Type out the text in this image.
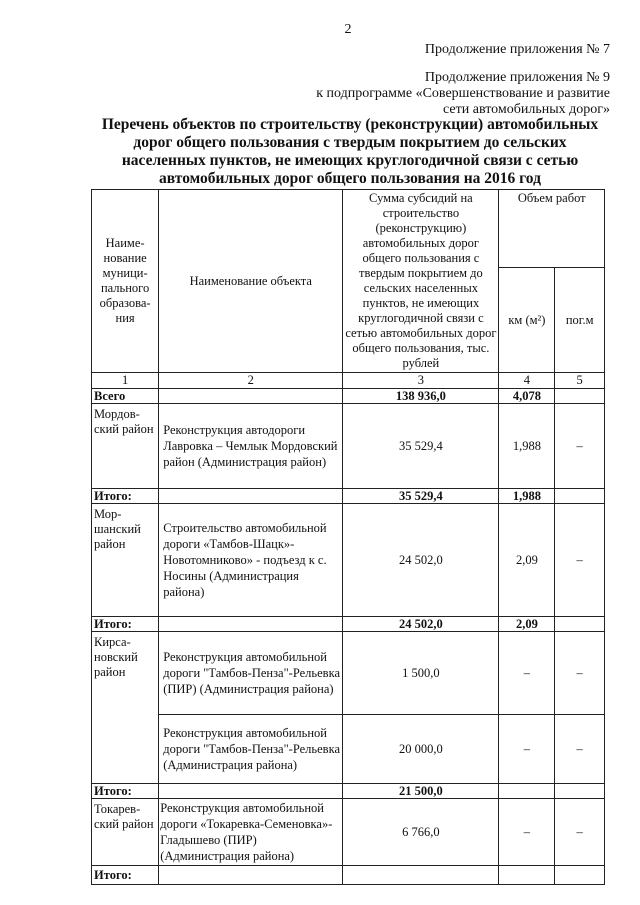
2
Продолжение приложения № 7
Продолжение приложения № 9
к подпрограмме «Совершенствование и развитие
сети автомобильных дорог»
Перечень объектов по строительству (реконструкции) автомобильных дорог общего пользования с твердым покрытием до сельских населенных пунктов, не имеющих круглогодичной связи с сетью автомобильных дорог общего пользования на 2016 год
Наиме-нование муници-пального образова-ния	Наименование объекта	Сумма субсидий на строительство (реконструкцию) автомобильных дорог общего пользования с твердым покрытием до сельских населенных пунктов, не имеющих круглогодичной связи с сетью автомобильных дорог общего пользования, тыс. рублей	Объем работ	
			км (м²)	пог.м
1	2	3	4	5
Всего		138 936,0	4,078	
Мордов-ский район	Реконструкция автодороги Лавровка – Чемлык Мордовский район (Администрация район)	35 529,4	1,988	–
Итого:		35 529,4	1,988	
Мор-шанский район	Строительство автомобильной дороги «Тамбов-Шацк»-Новотомниково» - подъезд к с. Носины (Администрация района)	24 502,0	2,09	–
Итого:		24 502,0	2,09	
Кирса-новский район	Реконструкция автомобильной дороги "Тамбов-Пенза"-Рельевка (ПИР) (Администрация района)	1 500,0	–	–
	Реконструкция автомобильной дороги "Тамбов-Пенза"-Рельевка (Администрация района)	20 000,0	–	–
Итого:		21 500,0		
Токарев-ский район	Реконструкция автомобильной дороги «Токаревка-Семеновка»- Гладышево (ПИР) (Администрация района)	6 766,0	–	–
Итого:				
